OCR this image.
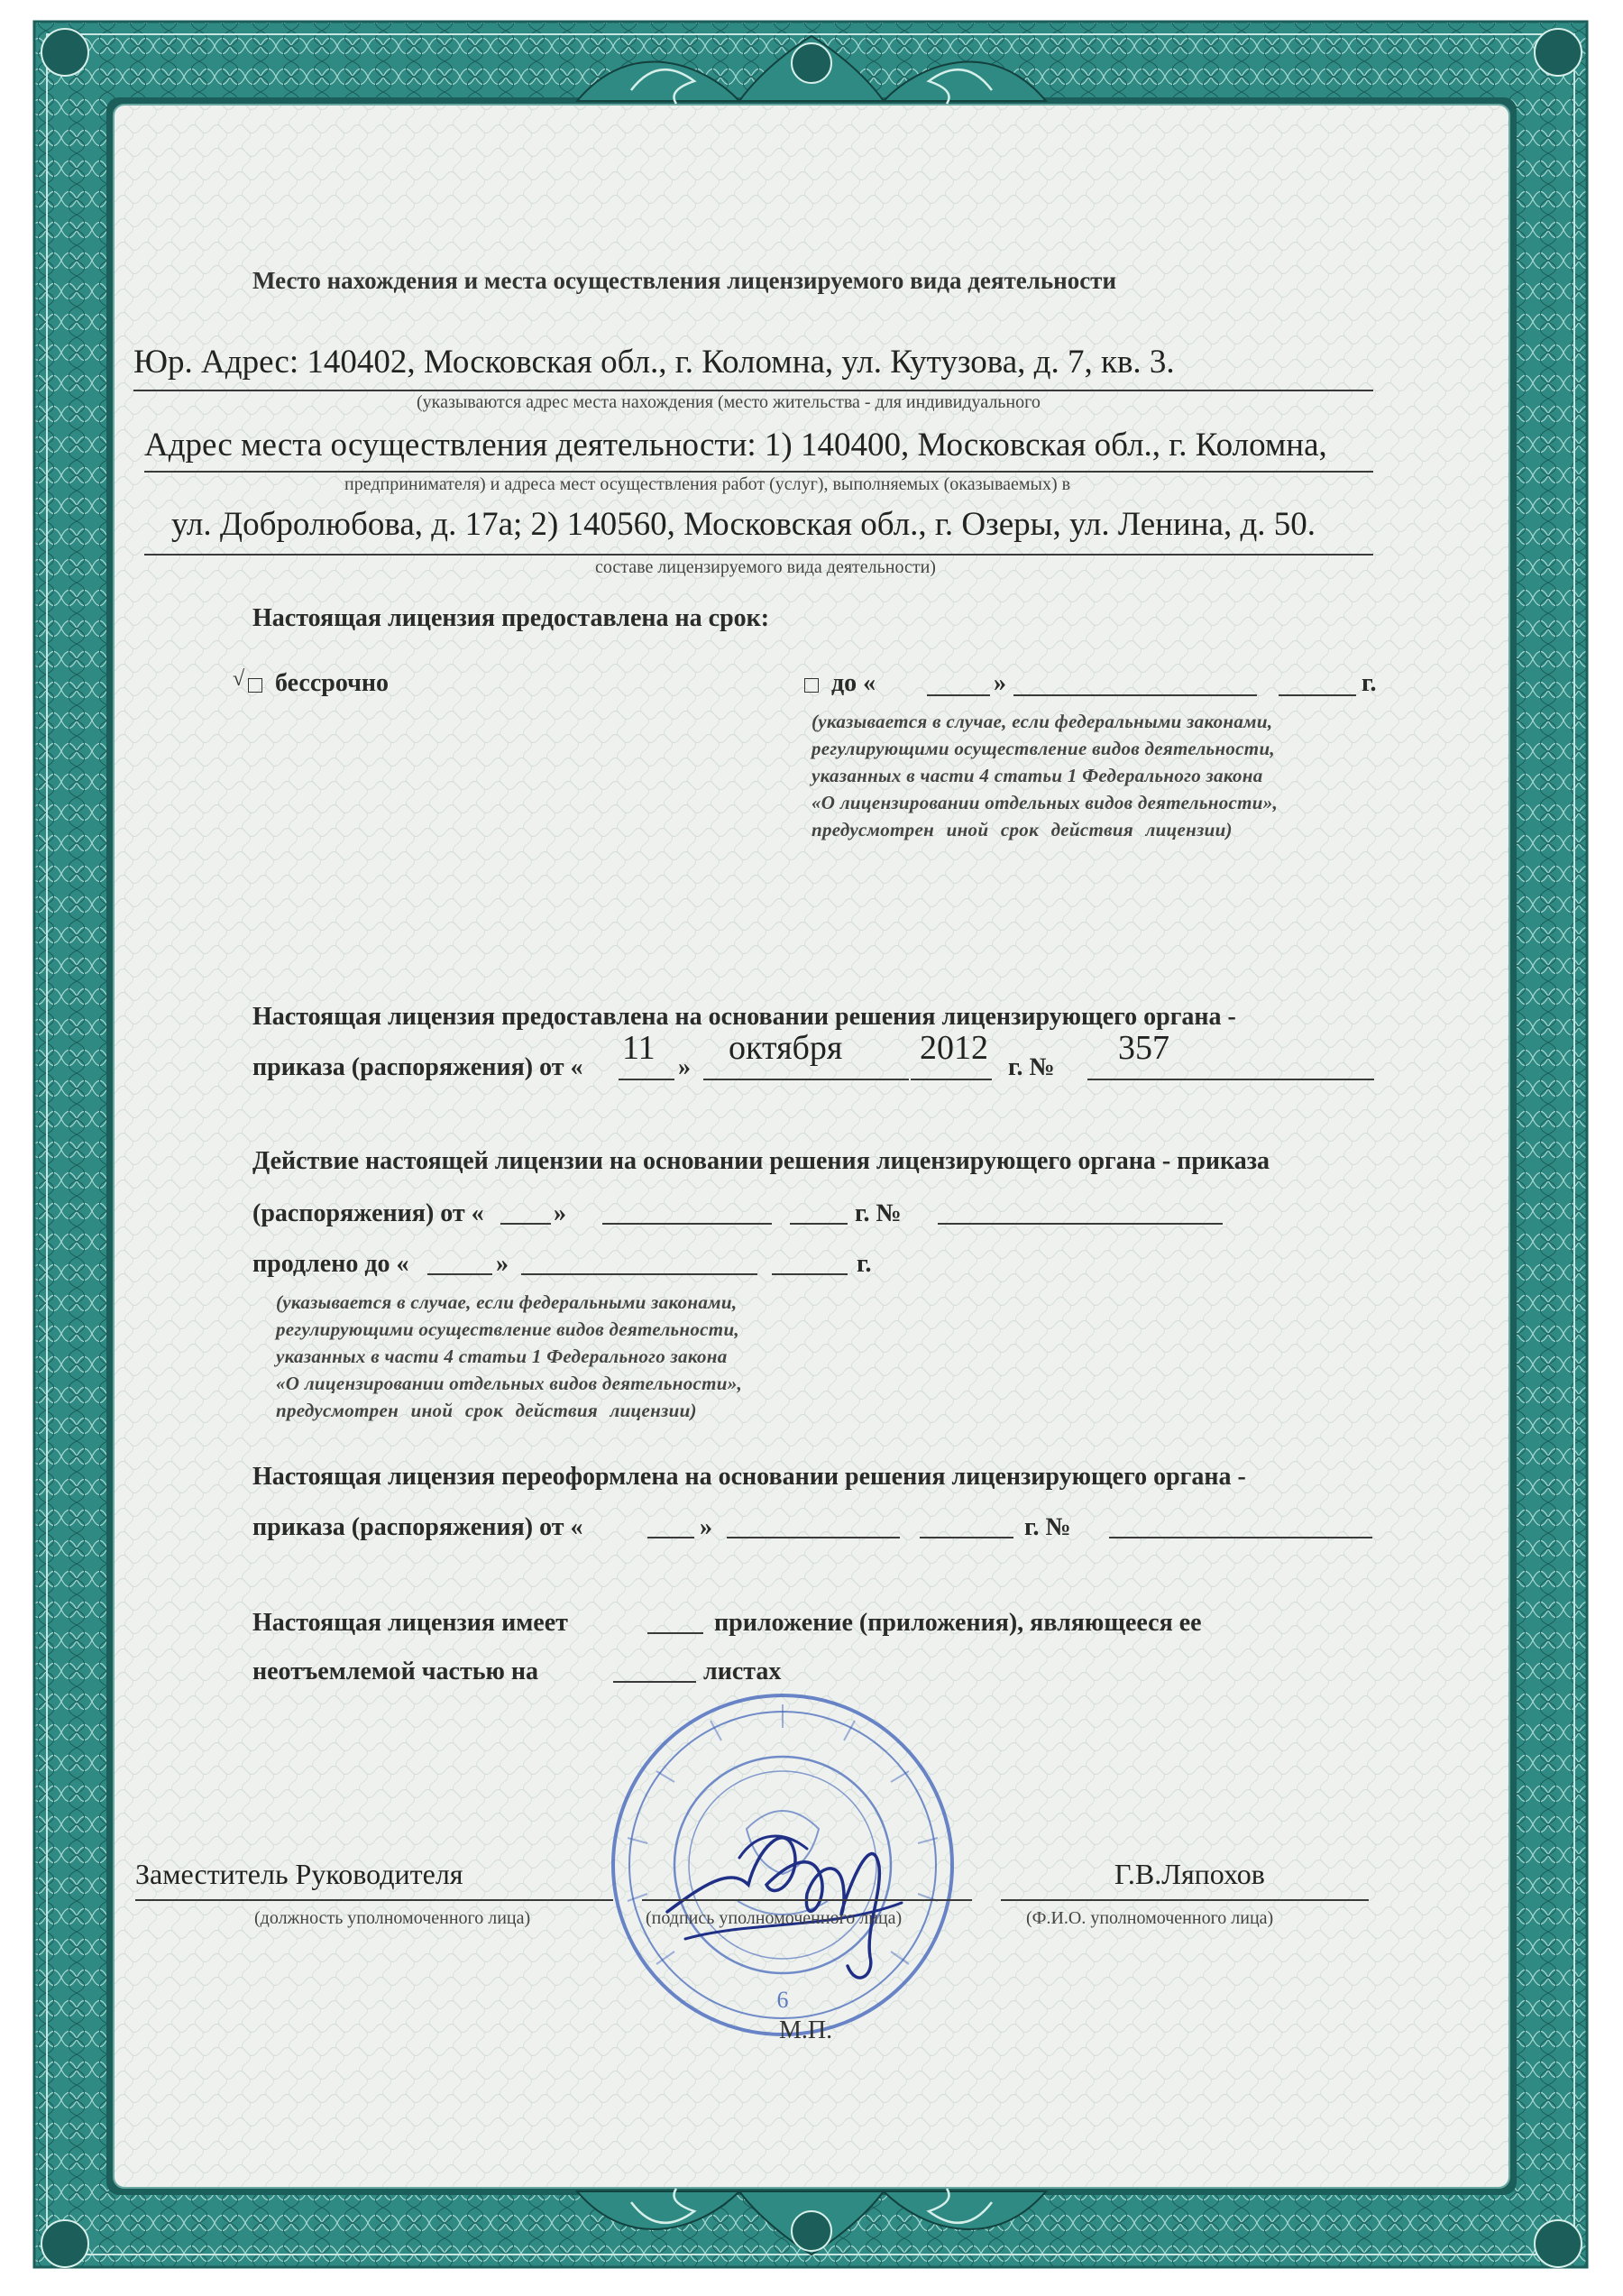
6
Место нахождения и места осуществления лицензируемого вида деятельности
Юр. Адрес: 140402, Московская обл., г. Коломна, ул. Кутузова, д. 7, кв. 3.
(указываются адрес места нахождения (место жительства - для индивидуального
Адрес места осуществления деятельности: 1) 140400, Московская обл., г. Коломна,
предпринимателя) и адреса мест осуществления работ (услуг), выполняемых (оказываемых) в
ул. Добролюбова, д. 17а; 2) 140560, Московская обл., г. Озеры, ул. Ленина, д. 50.
составе лицензируемого вида деятельности)
Настоящая лицензия предоставлена на срок:
√	бессрочно	до «	»	г.
(указывается в случае, если федеральными законами,
регулирующими осуществление видов деятельности,
указанных в части 4 статьи 1 Федерального закона
«О лицензировании отдельных видов деятельности»,
предусмотрен иной срок действия лицензии)
Настоящая лицензия предоставлена на основании решения лицензирующего органа -
приказа (распоряжения) от «
11
»
октября 2012
г. №
357
Действие настоящей лицензии на основании решения лицензирующего органа - приказа
(распоряжения) от «	»	г. №
продлено до «	»	г.
(указывается в случае, если федеральными законами,
регулирующими осуществление видов деятельности,
указанных в части 4 статьи 1 Федерального закона
«О лицензировании отдельных видов деятельности»,
предусмотрен иной срок действия лицензии)
Настоящая лицензия переоформлена на основании решения лицензирующего органа -
приказа (распоряжения) от «	»	г. №
Настоящая лицензия имеет	приложение (приложения), являющееся ее
неотъемлемой частью на	листах
Заместитель Руководителя
(должность уполномоченного лица)	(подпись уполномоченного лица)
Г.В.Ляпохов
(Ф.И.О. уполномоченного лица)
М.П.
